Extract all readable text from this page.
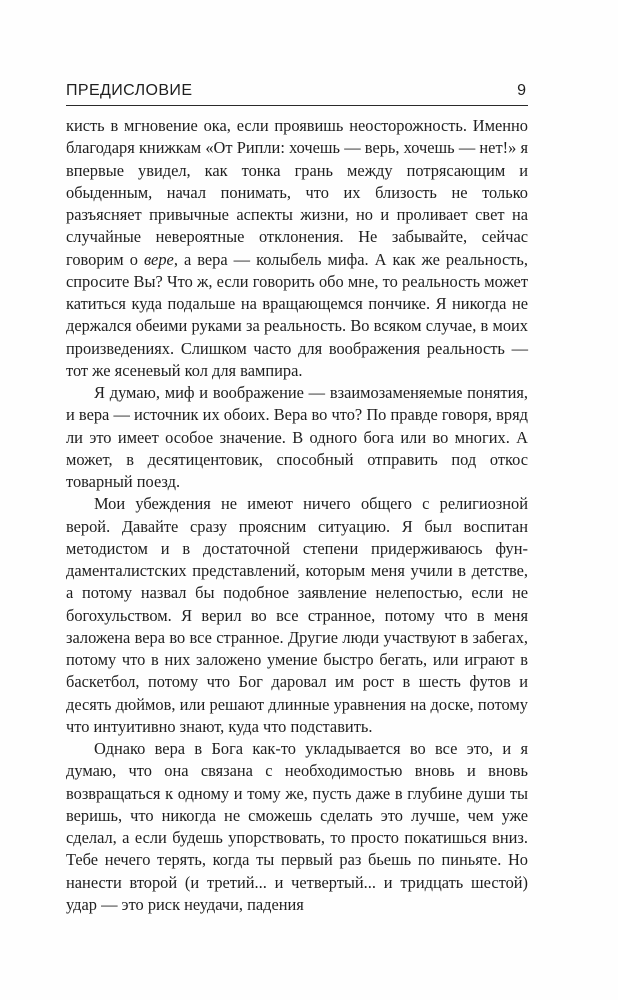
ПРЕДИСЛОВИЕ	9

кисть в мгновение ока, если проявишь неосторожность. Именно благодаря книжкам «От Рипли: хочешь — верь, хочешь — нет!» я впервые увидел, как тонка грань между потрясающим и обыденным, начал понимать, что их близость не только разъясняет привычные аспекты жизни, но и проливает свет на случайные невероятные отклонения. Не забывайте, сейчас говорим о вере, а вера — колыбель мифа. А как же реальность, спросите Вы? Что ж, если говорить обо мне, то реальность может катиться куда подальше на вращающемся пончике. Я никогда не держался обеими руками за реальность. Во всяком случае, в моих произведениях. Слишком часто для воображения реальность — тот же ясеневый кол для вампира.

Я думаю, миф и воображение — взаимозаменяемые понятия, и вера — источник их обоих. Вера во что? По правде говоря, вряд ли это имеет особое значение. В одного бога или во многих. А может, в десятицентовик, способный отправить под откос товарный поезд.

Мои убеждения не имеют ничего общего с религиозной верой. Давайте сразу проясним ситуацию. Я был воспитан методистом и в достаточной степени придерживаюсь фундаменталистских представлений, которым меня учили в детстве, а потому назвал бы подобное заявление нелепостью, если не богохульством. Я верил во все странное, потому что в меня заложена вера во все странное. Другие люди участвуют в забегах, потому что в них заложено умение быстро бегать, или играют в баскетбол, потому что Бог даровал им рост в шесть футов и десять дюймов, или решают длинные уравнения на доске, потому что интуитивно знают, куда что подставить.

Однако вера в Бога как-то укладывается во все это, и я думаю, что она связана с необходимостью вновь и вновь возвращаться к одному и тому же, пусть даже в глубине души ты веришь, что никогда не сможешь сделать это лучше, чем уже сделал, а если будешь упорствовать, то просто покатишься вниз. Тебе нечего терять, когда ты первый раз бьешь по пиньяте. Но нанести второй (и третий... и четвертый... и тридцать шестой) удар — это риск неудачи, падения
